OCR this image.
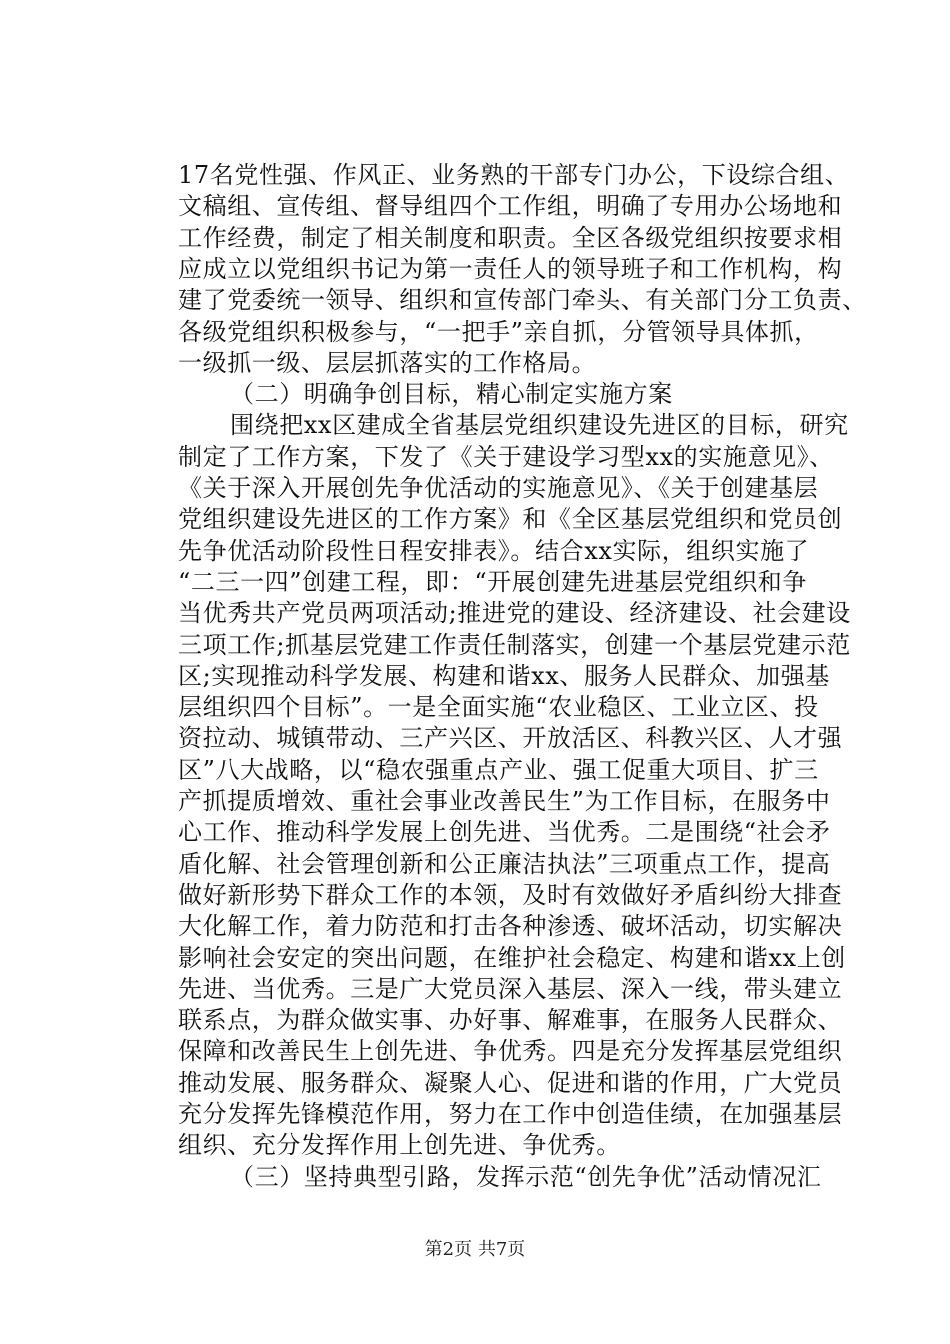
17名党性强、作风正、业务熟的干部专门办公，下设综合组、
文稿组、宣传组、督导组四个工作组，明确了专用办公场地和
工作经费，制定了相关制度和职责。全区各级党组织按要求相
应成立以党组织书记为第一责任人的领导班子和工作机构，构
建了党委统一领导、组织和宣传部门牵头、有关部门分工负责、
各级党组织积极参与，“一把手”亲自抓，分管领导具体抓，
一级抓一级、层层抓落实的工作格局。
（二）明确争创目标，精心制定实施方案
围绕把xx区建成全省基层党组织建设先进区的目标，研究
制定了工作方案，下发了《关于建设学习型xx的实施意见》、
《关于深入开展创先争优活动的实施意见》、《关于创建基层
党组织建设先进区的工作方案》和《全区基层党组织和党员创
先争优活动阶段性日程安排表》。结合xx实际，组织实施了
“二三一四”创建工程，即：“开展创建先进基层党组织和争
当优秀共产党员两项活动;推进党的建设、经济建设、社会建设
三项工作;抓基层党建工作责任制落实，创建一个基层党建示范
区;实现推动科学发展、构建和谐xx、服务人民群众、加强基
层组织四个目标”。一是全面实施“农业稳区、工业立区、投
资拉动、城镇带动、三产兴区、开放活区、科教兴区、人才强
区”八大战略，以“稳农强重点产业、强工促重大项目、扩三
产抓提质增效、重社会事业改善民生”为工作目标，在服务中
心工作、推动科学发展上创先进、当优秀。二是围绕“社会矛
盾化解、社会管理创新和公正廉洁执法”三项重点工作，提高
做好新形势下群众工作的本领，及时有效做好矛盾纠纷大排查
大化解工作，着力防范和打击各种渗透、破坏活动，切实解决
影响社会安定的突出问题，在维护社会稳定、构建和谐xx上创
先进、当优秀。三是广大党员深入基层、深入一线，带头建立
联系点，为群众做实事、办好事、解难事，在服务人民群众、
保障和改善民生上创先进、争优秀。四是充分发挥基层党组织
推动发展、服务群众、凝聚人心、促进和谐的作用，广大党员
充分发挥先锋模范作用，努力在工作中创造佳绩，在加强基层
组织、充分发挥作用上创先进、争优秀。
（三）坚持典型引路，发挥示范“创先争优”活动情况汇
第2页 共7页
